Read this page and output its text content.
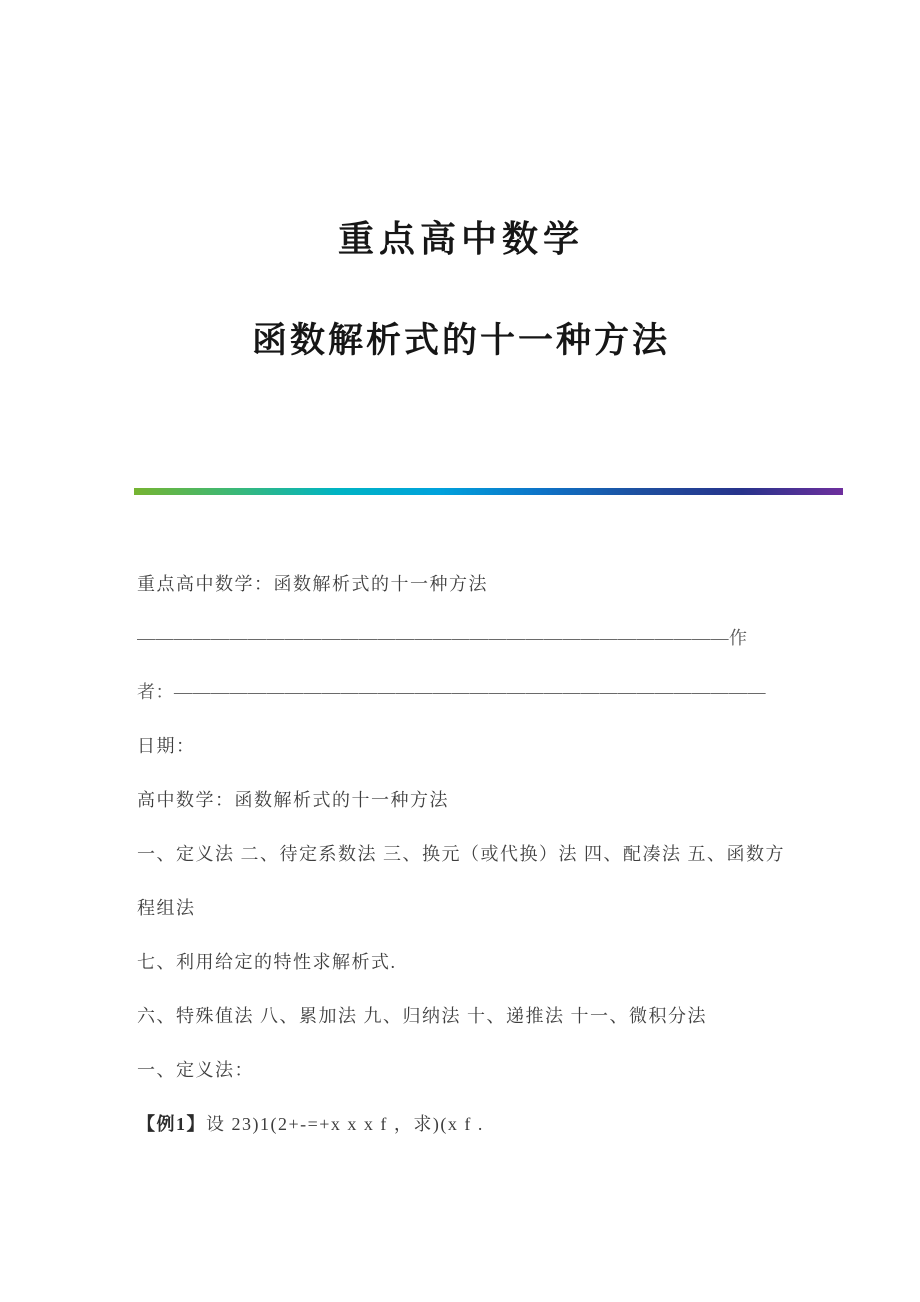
重点高中数学
函数解析式的十一种方法

重点高中数学：函数解析式的十一种方法

————————————————————————————————作

者：————————————————————————————————

日期：

高中数学：函数解析式的十一种方法

一、定义法 二、待定系数法 三、换元（或代换）法 四、配凑法 五、函数方

程组法

七、利用给定的特性求解析式.

六、特殊值法 八、累加法 九、归纳法 十、递推法 十一、微积分法

一、定义法：

【例1】设 23)1(2+-=+x x x f ，求)(x f .
